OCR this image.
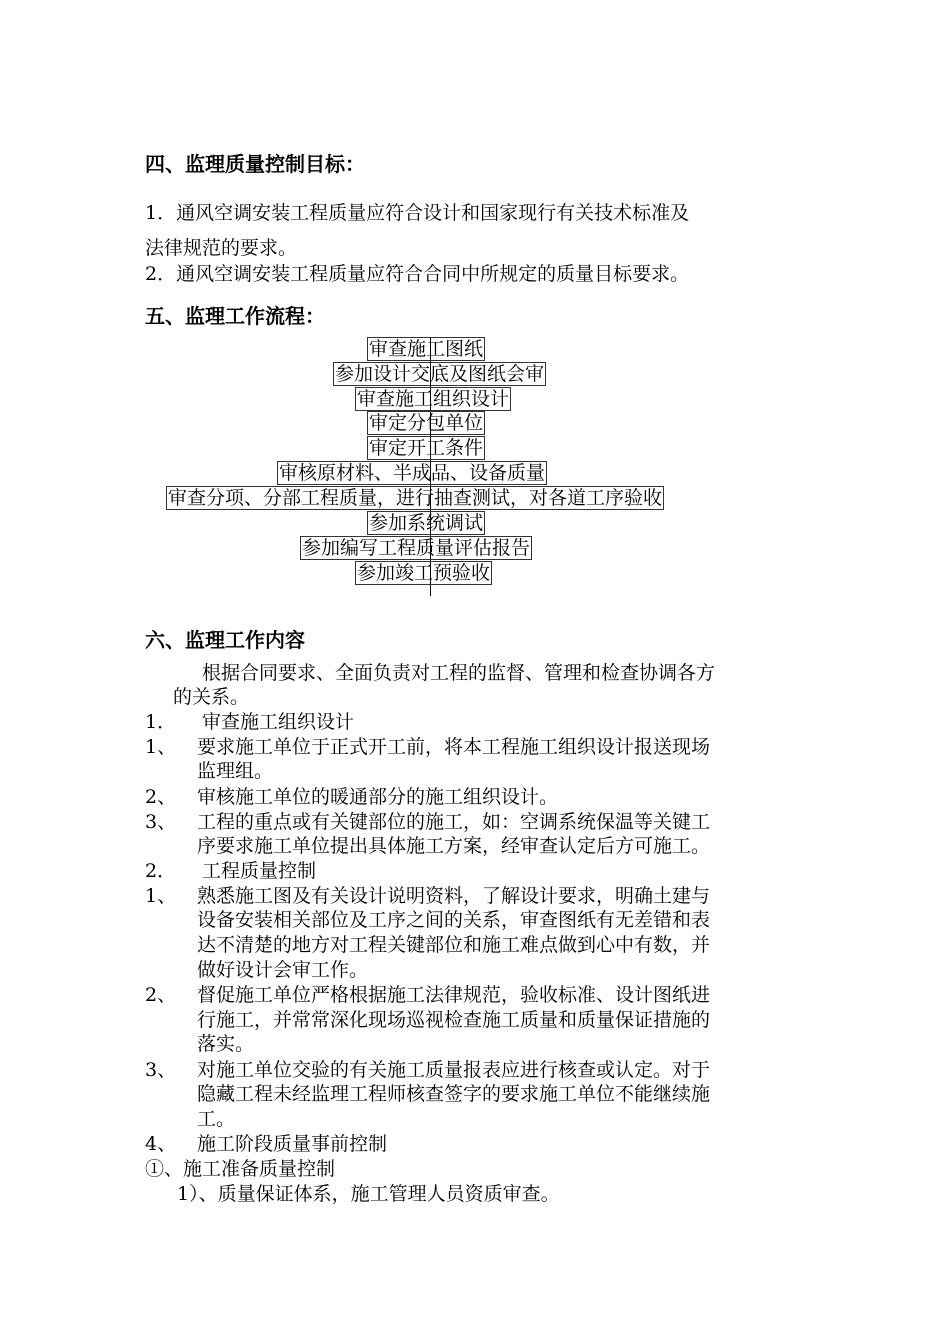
四、监理质量控制目标：
1．通风空调安装工程质量应符合设计和国家现行有关技术标准及
法律规范的要求。
2．通风空调安装工程质量应符合合同中所规定的质量目标要求。
五、监理工作流程：
审查施工图纸
参加设计交底及图纸会审
审查施工组织设计
审定分包单位
审定开工条件
审核原材料、半成品、设备质量
审查分项、分部工程质量，进行抽查测试，对各道工序验收
参加系统调试
参加编写工程质量评估报告
参加竣工预验收
六、监理工作内容
根据合同要求、全面负责对工程的监督、管理和检查协调各方
的关系。
1． 审查施工组织设计
1、 要求施工单位于正式开工前，将本工程施工组织设计报送现场
监理组。
2、 审核施工单位的暖通部分的施工组织设计。
3、 工程的重点或有关键部位的施工，如：空调系统保温等关键工
序要求施工单位提出具体施工方案，经审查认定后方可施工。
2． 工程质量控制
1、 熟悉施工图及有关设计说明资料，了解设计要求，明确土建与
设备安装相关部位及工序之间的关系，审查图纸有无差错和表
达不清楚的地方对工程关键部位和施工难点做到心中有数，并
做好设计会审工作。
2、 督促施工单位严格根据施工法律规范，验收标准、设计图纸进
行施工，并常常深化现场巡视检查施工质量和质量保证措施的
落实。
3、 对施工单位交验的有关施工质量报表应进行核查或认定。对于
隐藏工程未经监理工程师核查签字的要求施工单位不能继续施
工。
4、 施工阶段质量事前控制
①、施工准备质量控制
1）、质量保证体系，施工管理人员资质审查。
